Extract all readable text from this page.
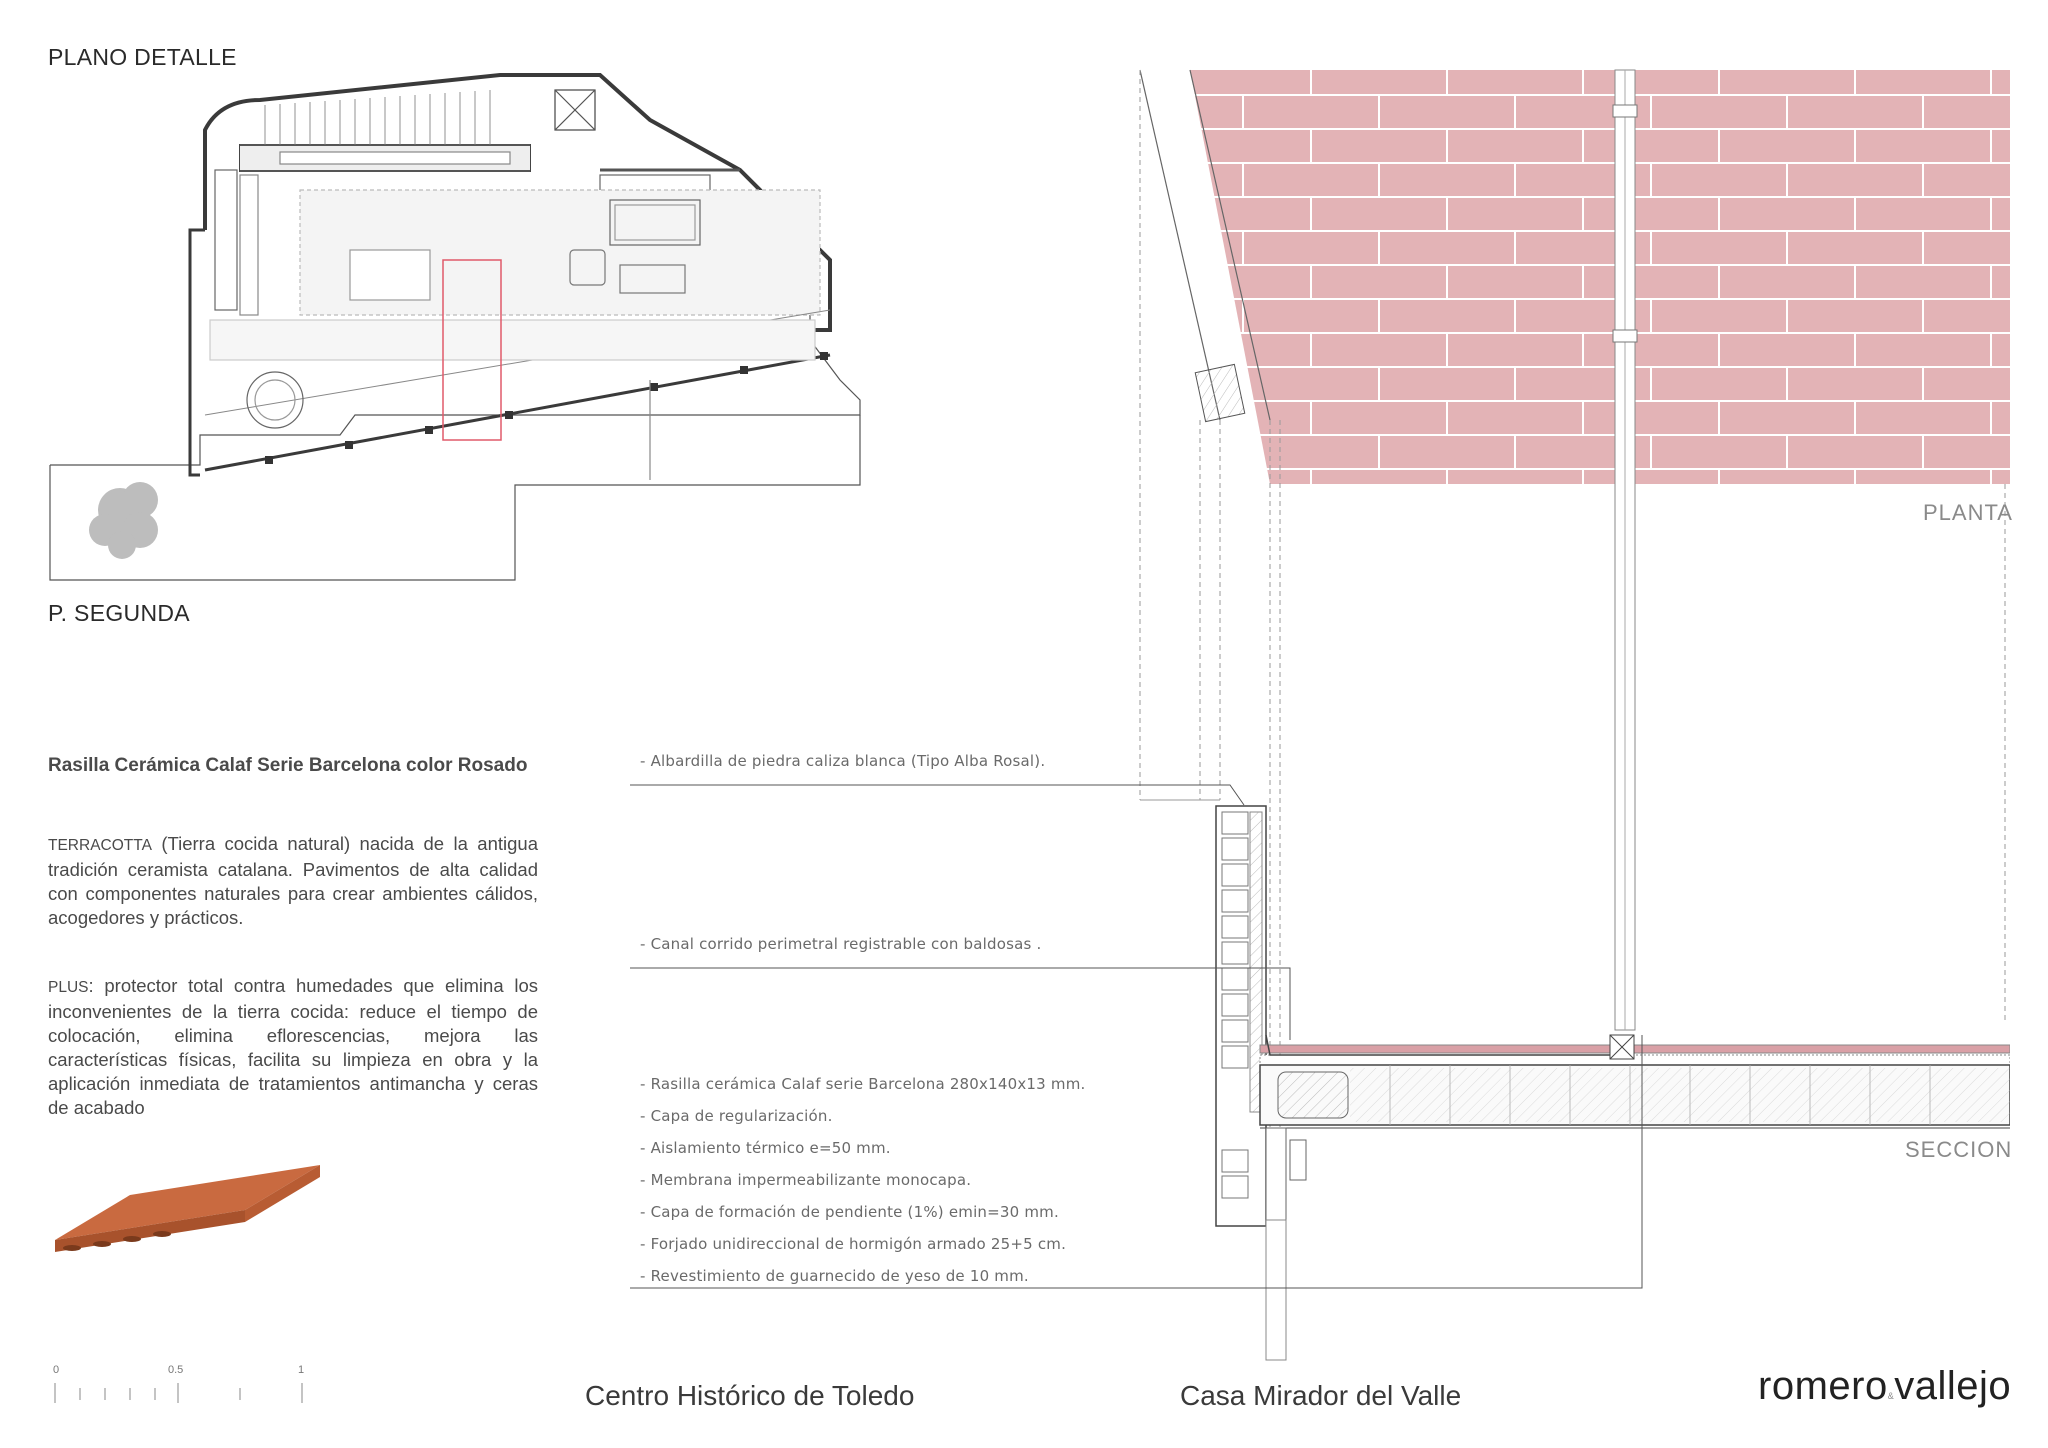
PLANO DETALLE
P. SEGUNDA
Rasilla Cerámica Calaf Serie Barcelona color Rosado
TERRACOTTA (Tierra cocida natural) nacida de la antigua tradición ceramista catalana. Pavimentos de alta calidad con componentes naturales para crear ambientes cálidos, acogedores y prácticos.
PLUS: protector total contra humedades que elimina los inconvenientes de la tierra cocida: reduce el tiempo de colocación, elimina eflorescencias, mejora las características físicas, facilita su limpieza en obra y la aplicación inmediata de tratamientos antimancha y ceras de acabado
0	0.5	1
PLANTA
SECCION
- Albardilla de piedra caliza blanca (Tipo Alba Rosal).
- Canal corrido perimetral registrable con baldosas .
- Rasilla cerámica Calaf serie Barcelona 280x140x13 mm.
- Capa de regularización.
- Aislamiento térmico e=50 mm.
- Membrana impermeabilizante monocapa.
- Capa de formación de pendiente (1%) emin=30 mm.
- Forjado unidireccional de hormigón armado 25+5 cm.
- Revestimiento de guarnecido de yeso de 10 mm.
Centro Histórico de Toledo	Casa Mirador del Valle	romero&vallejo
